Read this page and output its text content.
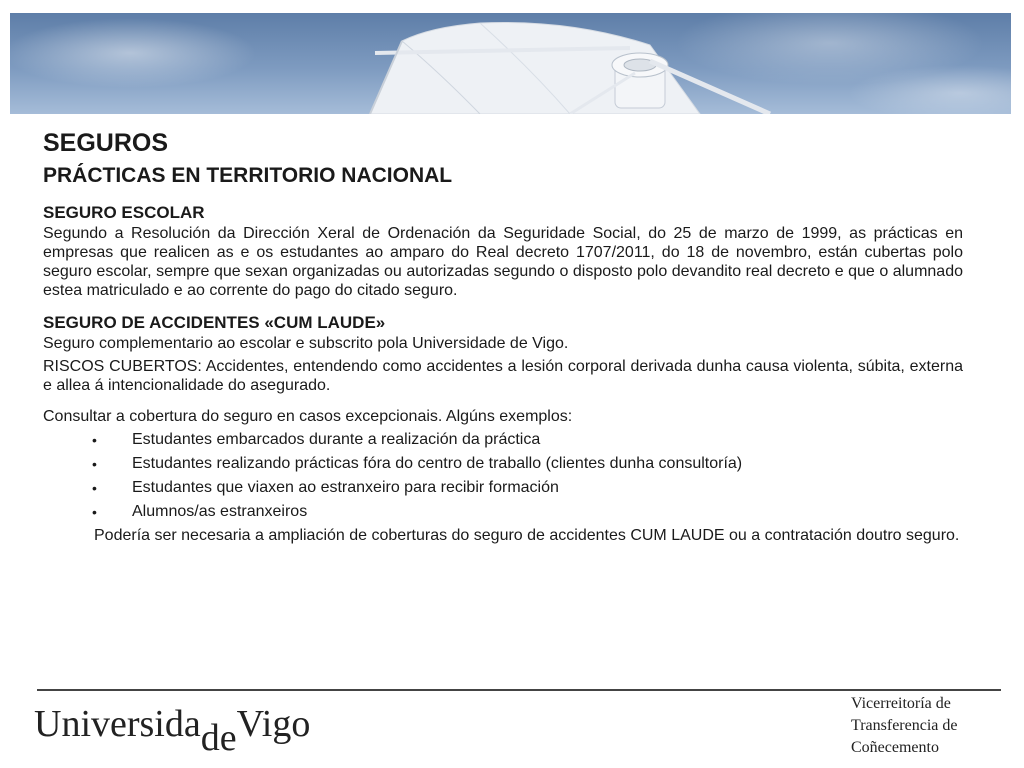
SEGUROS
PRÁCTICAS EN TERRITORIO NACIONAL
SEGURO ESCOLAR

Segundo a Resolución da Dirección Xeral de Ordenación da Seguridade Social, do 25 de marzo de 1999, as prácticas en empresas que realicen as e os estudantes ao amparo do Real decreto 1707/2011, do 18 de novembro, están cubertas polo seguro escolar, sempre que sexan organizadas ou autorizadas segundo o disposto polo devandito real decreto e que o alumnado estea matriculado e ao corrente do pago do citado seguro.

SEGURO DE ACCIDENTES «CUM LAUDE»

Seguro complementario ao escolar e subscrito pola Universidade de Vigo.

RISCOS CUBERTOS: Accidentes, entendendo como accidentes a lesión corporal derivada dunha causa violenta, súbita, externa e allea á intencionalidade do asegurado.

Consultar a cobertura do seguro en casos excepcionais. Algúns exemplos:

• Estudantes embarcados durante a realización da práctica
• Estudantes realizando prácticas fóra do centro de traballo (clientes dunha consultoría)
• Estudantes que viaxen ao estranxeiro para recibir formación
• Alumnos/as estranxeiros

Podería ser necesaria a ampliación de coberturas do seguro de accidentes CUM LAUDE ou a contratación doutro seguro.

UniversidadeVigo	Vicerreitoría de
Transferencia de
Coñecemento
